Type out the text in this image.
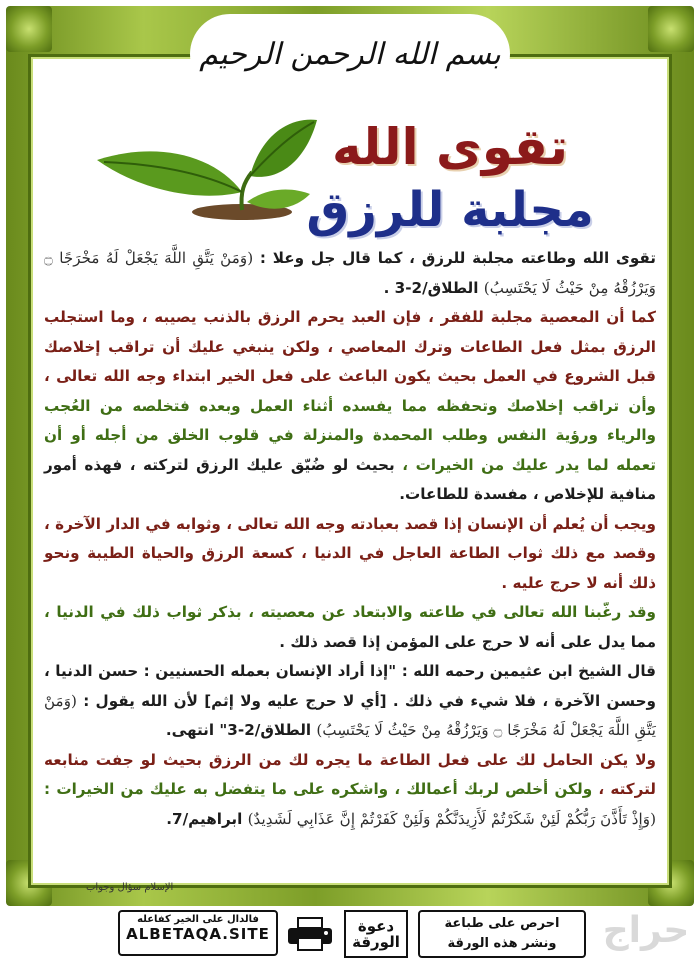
بسم الله الرحمن الرحيم
تقوى الله
مجلبة للرزق

تقوى الله وطاعته مجلبة للرزق ، كما قال جل وعلا : (وَمَنْ يَتَّقِ اللَّهَ يَجْعَلْ لَهُ مَخْرَجًا ۝ وَيَرْزُقْهُ مِنْ حَيْثُ لَا يَحْتَسِبُ) الطلاق/2-3 .

كما أن المعصية مجلبة للفقر ، فإن العبد يحرم الرزق بالذنب يصيبه ، وما استجلب الرزق بمثل فعل الطاعات وترك المعاصي ، ولكن ينبغي عليك أن تراقب إخلاصك قبل الشروع في العمل بحيث يكون الباعث على فعل الخير ابتداء وجه الله تعالى ، وأن تراقب إخلاصك وتحفظه مما يفسده أثناء العمل وبعده فتخلصه من العُجب والرياء ورؤية النفس وطلب المحمدة والمنزلة في قلوب الخلق من أجله أو أن تعمله لما يدر عليك من الخيرات ، بحيث لو ضُيّق عليك الرزق لتركته ، فهذه أمور منافية للإخلاص ، مفسدة للطاعات.

ويجب أن يُعلم أن الإنسان إذا قصد بعبادته وجه الله تعالى ، وثوابه في الدار الآخرة ، وقصد مع ذلك ثواب الطاعة العاجل في الدنيا ، كسعة الرزق والحياة الطيبة ونحو ذلك أنه لا حرج عليه .

وقد رغّبنا الله تعالى في طاعته والابتعاد عن معصيته ، بذكر ثواب ذلك في الدنيا ، مما يدل على أنه لا حرج على المؤمن إذا قصد ذلك .

قال الشيخ ابن عثيمين رحمه الله : "إذا أراد الإنسان بعمله الحسنيين : حسن الدنيا ، وحسن الآخرة ، فلا شيء في ذلك . [أي لا حرج عليه ولا إثم] لأن الله يقول : (وَمَنْ يَتَّقِ اللَّهَ يَجْعَلْ لَهُ مَخْرَجًا ۝ وَيَرْزُقْهُ مِنْ حَيْثُ لَا يَحْتَسِبُ) الطلاق/2-3" انتهى.

ولا يكن الحامل لك على فعل الطاعة ما يجره لك من الرزق بحيث لو جفت منابعه لتركته ، ولكن أخلص لربك أعمالك ، واشكره على ما يتفضل به عليك من الخيرات : (وَإِذْ تَأَذَّنَ رَبُّكُمْ لَئِنْ شَكَرْتُمْ لَأَزِيدَنَّكُمْ وَلَئِنْ كَفَرْتُمْ إِنَّ عَذَابِي لَشَدِيدٌ) ابراهيم/7.

الإسلام سؤال وجواب
فالدال على الخير كفاعله
ALBETAQA.SITE	دعوة الورقة
احرص على طباعة
ونشر هذه الورقة	حراج
